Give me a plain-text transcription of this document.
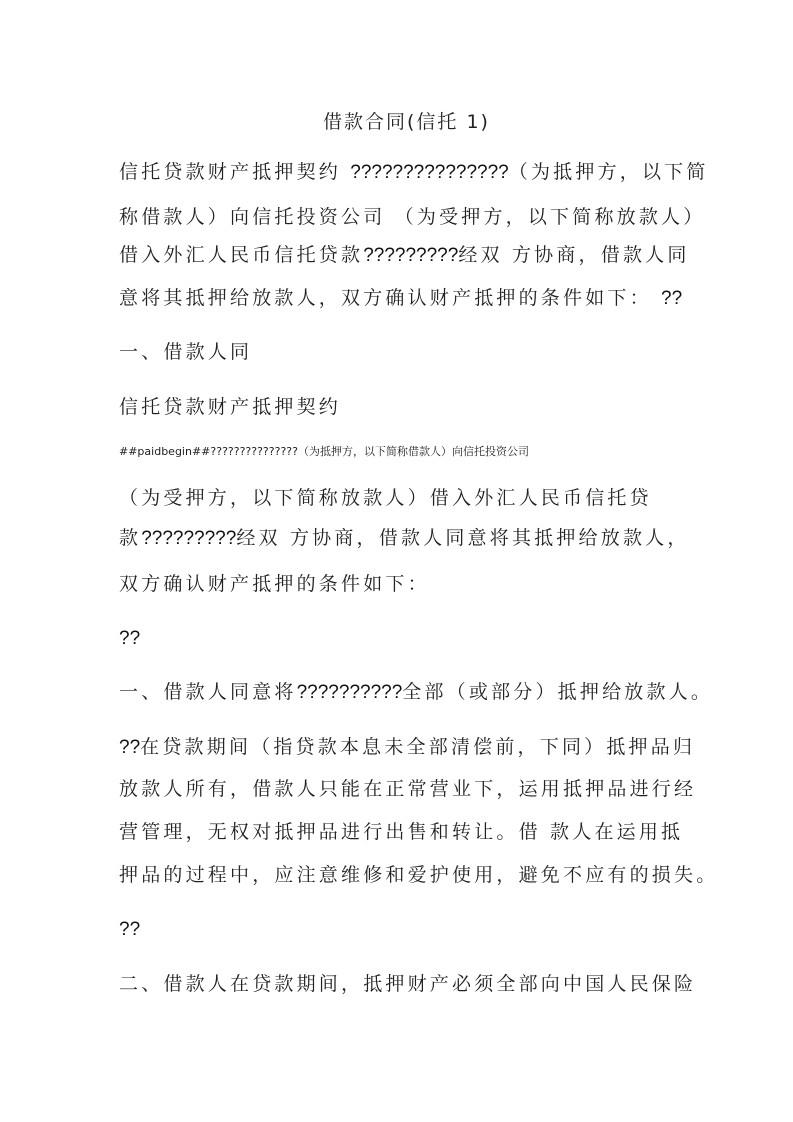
借款合同(信托 1)
信托贷款财产抵押契约 ???????????????（为抵押方，以下简
称借款人）向信托投资公司 （为受押方，以下简称放款人）
借入外汇人民币信托贷款?????????经双 方协商，借款人同
意将其抵押给放款人，双方确认财产抵押的条件如下： ??
一、借款人同
信托贷款财产抵押契约
##paidbegin##???????????????（为抵押方，以下简称借款人）向信托投资公司
（为受押方，以下简称放款人）借入外汇人民币信托贷
款?????????经双 方协商，借款人同意将其抵押给放款人，
双方确认财产抵押的条件如下：
??
一、借款人同意将??????????全部（或部分）抵押给放款人。
??在贷款期间（指贷款本息未全部清偿前，下同）抵押品归
放款人所有，借款人只能在正常营业下，运用抵押品进行经
营管理，无权对抵押品进行出售和转让。借 款人在运用抵
押品的过程中，应注意维修和爱护使用，避免不应有的损失。
??
二、借款人在贷款期间，抵押财产必须全部向中国人民保险
